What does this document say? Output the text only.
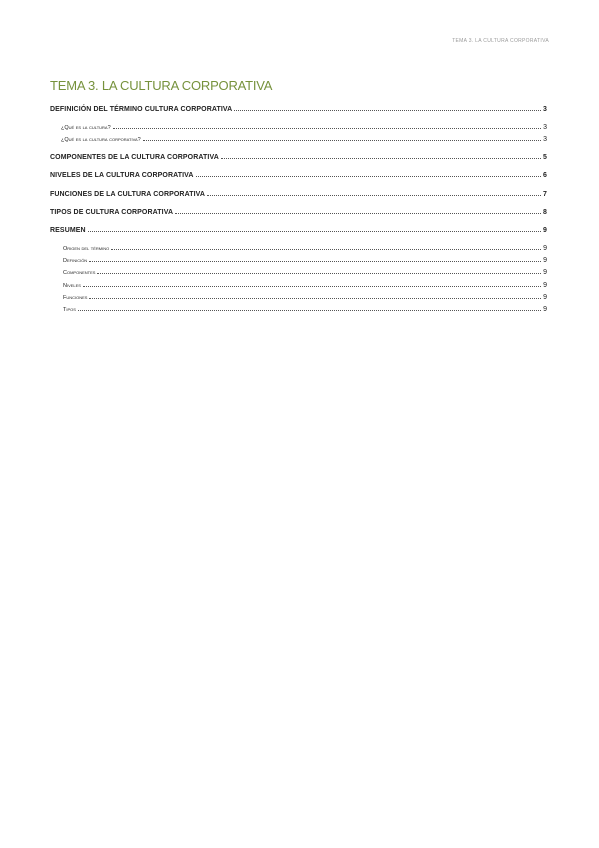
TEMA 3. LA CULTURA CORPORATIVA
TEMA 3. LA CULTURA CORPORATIVA
DEFINICIÓN DEL TÉRMINO CULTURA CORPORATIVA	3
¿Qué es la cultura?	3
¿Qué es la cultura corporativa?	3
COMPONENTES DE LA CULTURA CORPORATIVA	5
NIVELES DE LA CULTURA CORPORATIVA	6
FUNCIONES DE LA CULTURA CORPORATIVA	7
TIPOS DE CULTURA CORPORATIVA	8
RESUMEN	9
Origen del término	9
Definición	9
Componentes	9
Niveles	9
Funciones	9
Tipos	9
